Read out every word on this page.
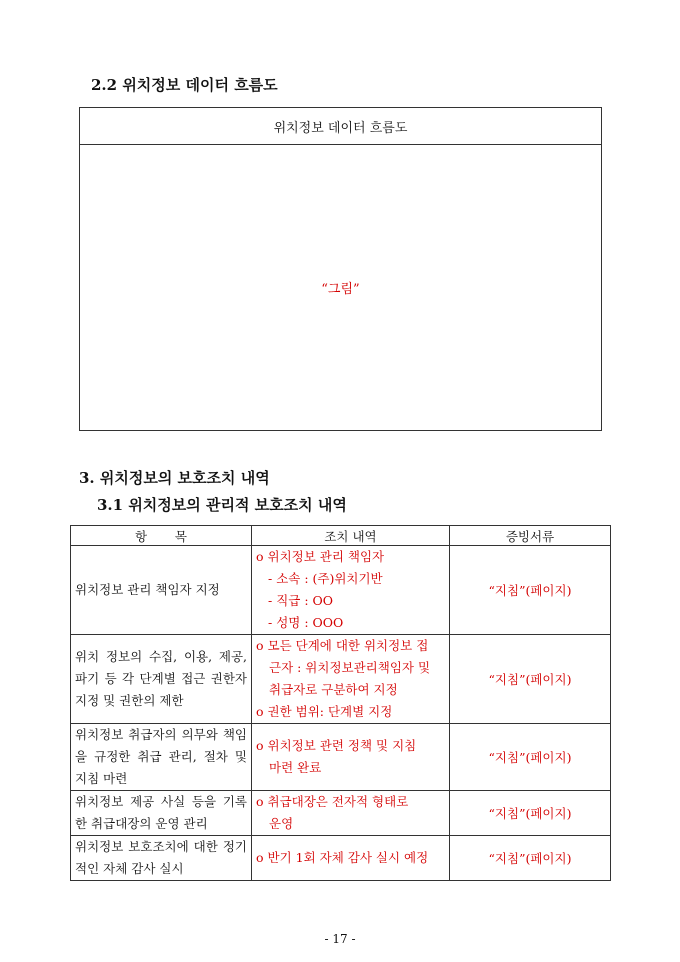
2.2 위치정보 데이터 흐름도
위치정보 데이터 흐름도
“그림”
3. 위치정보의 보호조치 내역
3.1 위치정보의 관리적 보호조치 내역
항       목	조치 내역	증빙서류
위치정보 관리 책임자 지정	o 위치정보 관리 책임자
- 소속 : (주)위치기반
- 직급 : OO
- 성명 : OOO	“지침”(페이지)
위치 정보의 수집, 이용, 제공, 파기 등 각 단계별 접근 권한자 지정 및 권한의 제한	o 모든 단계에 대한 위치정보 접
근자 : 위치정보관리책임자 및
취급자로 구분하여 지정
o 권한 범위: 단계별 지정	“지침”(페이지)
위치정보 취급자의 의무와 책임을 규정한 취급 관리, 절차 및 지침 마련	o 위치정보 관련 정책 및 지침
마련 완료	“지침”(페이지)
위치정보 제공 사실 등을 기록한 취급대장의 운영 관리	o 취급대장은 전자적 형태로
운영	“지침”(페이지)
위치정보 보호조치에 대한 정기적인 자체 감사 실시	o 반기 1회 자체 감사 실시 예정	“지침”(페이지)
- 17 -
